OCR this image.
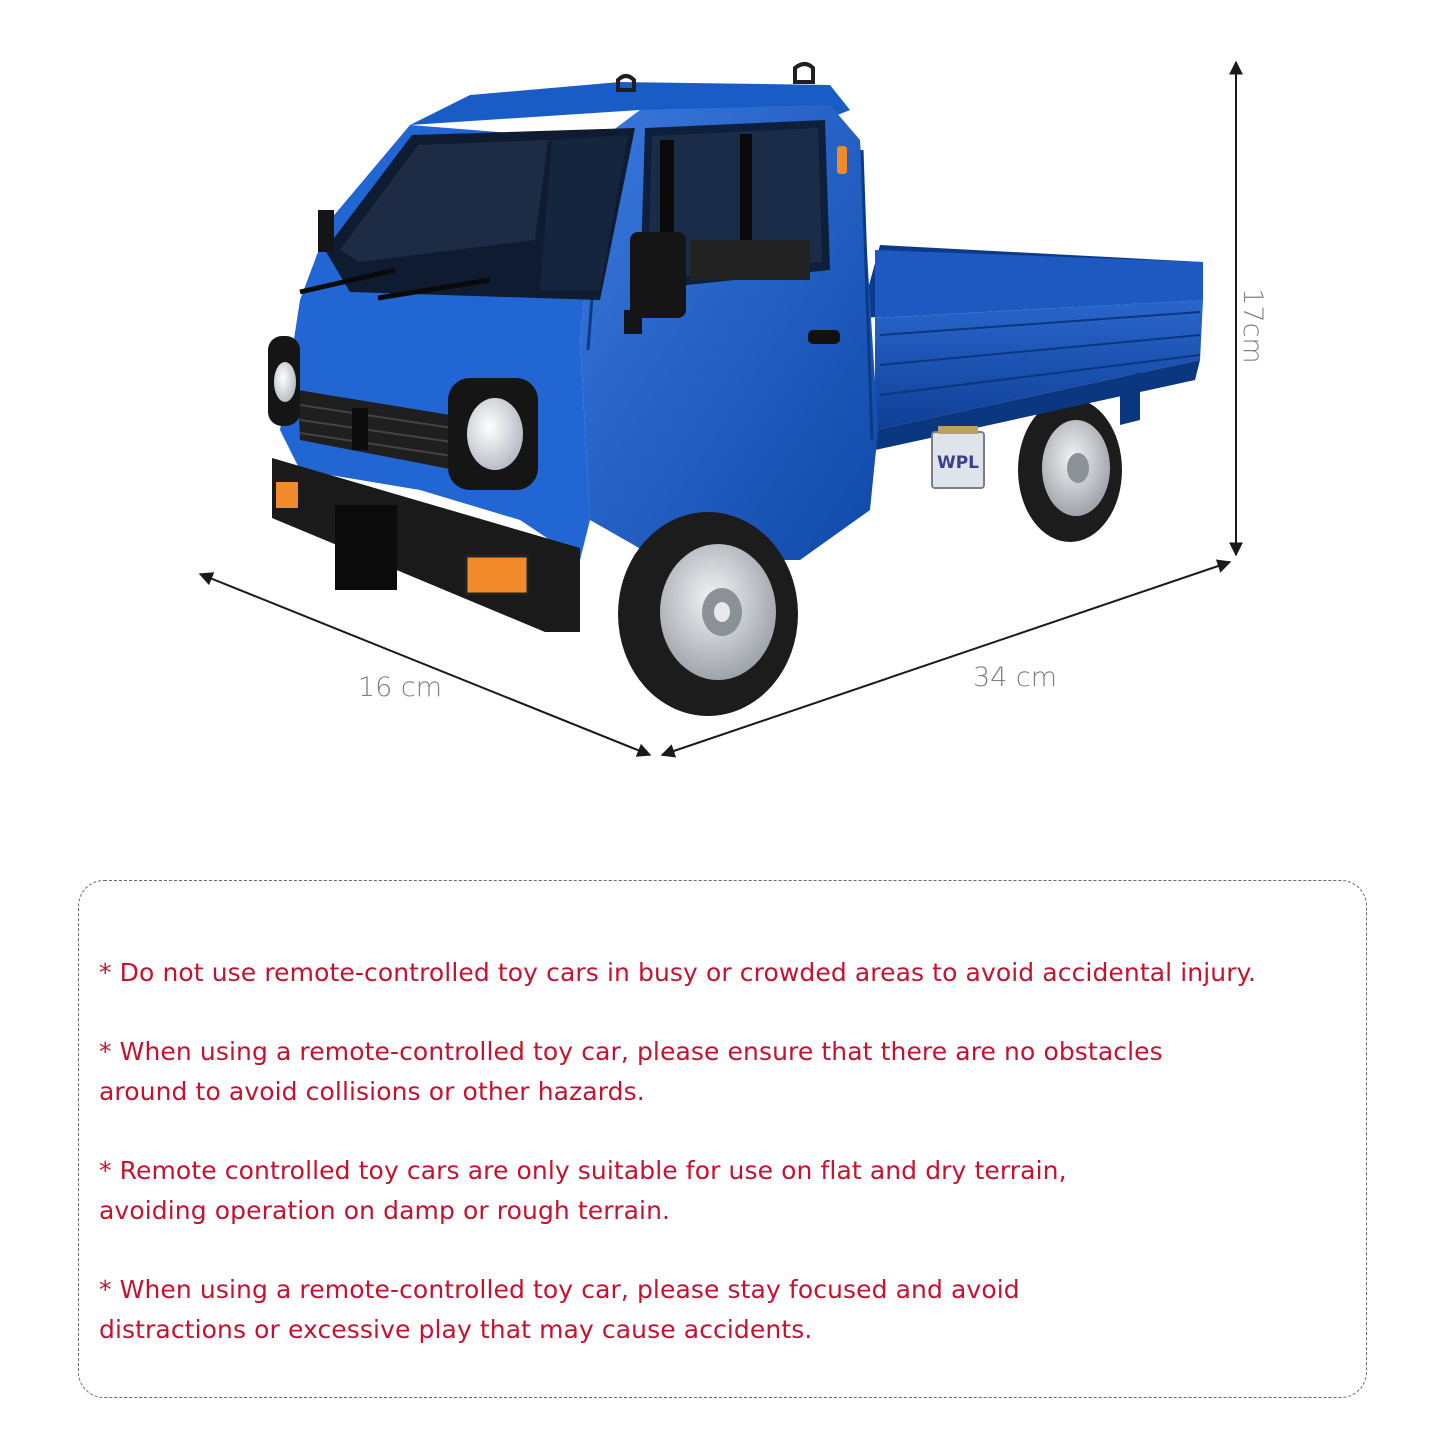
WPL
16 cm	34 cm
17cm
* Do not use remote-controlled toy cars in busy or crowded areas to avoid accidental injury.
* When using a remote-controlled toy car, please ensure that there are no obstacles
around to avoid collisions or other hazards.
* Remote controlled toy cars are only suitable for use on flat and dry terrain,
avoiding operation on damp or rough terrain.
* When using a remote-controlled toy car, please stay focused and avoid
distractions or excessive play that may cause accidents.
